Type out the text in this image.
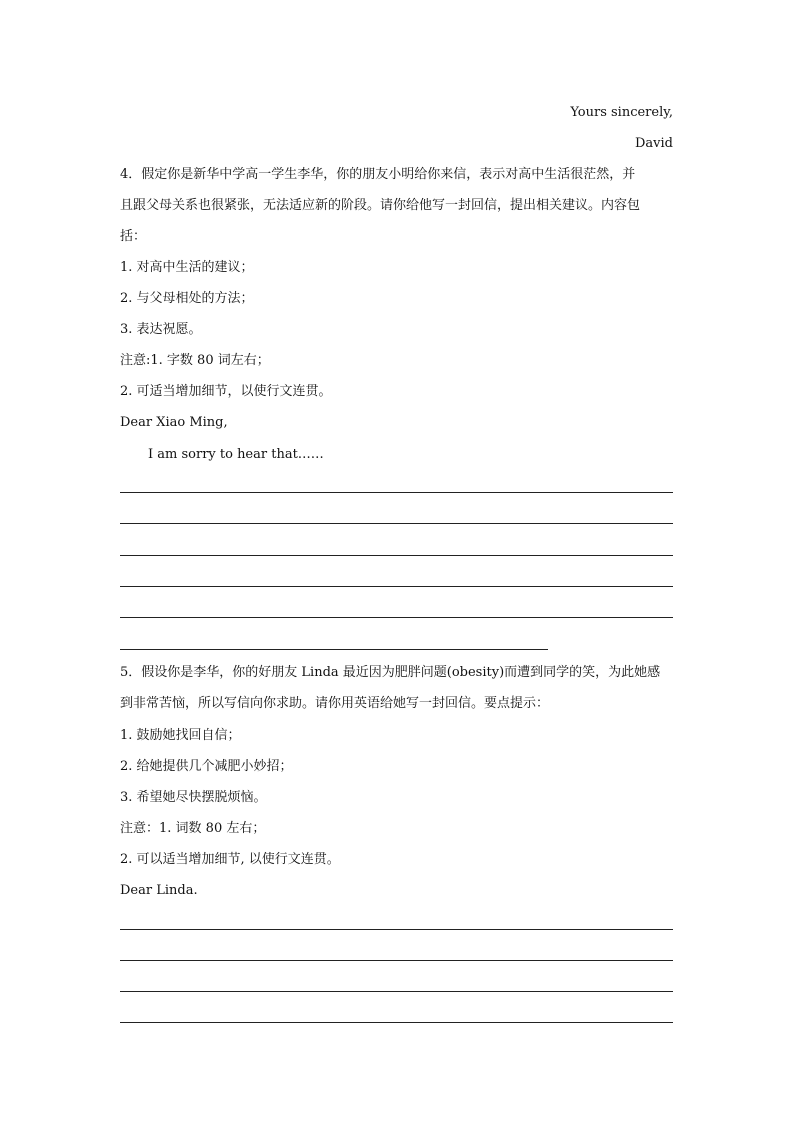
Yours sincerely,
David
4．假定你是新华中学高一学生李华，你的朋友小明给你来信，表示对高中生活很茫然，并
且跟父母关系也很紧张，无法适应新的阶段。请你给他写一封回信，提出相关建议。内容包
括：
1. 对高中生活的建议；
2. 与父母相处的方法；
3. 表达祝愿。
注意:1. 字数 80 词左右；
2. 可适当增加细节，以使行文连贯。
Dear Xiao Ming,
I am sorry to hear that……
5．假设你是李华，你的好朋友 Linda 最近因为肥胖问题(obesity)而遭到同学的笑，为此她感
到非常苦恼，所以写信向你求助。请你用英语给她写一封回信。要点提示：
1. 鼓励她找回自信；
2. 给她提供几个减肥小妙招；
3. 希望她尽快摆脱烦恼。
注意：1. 词数 80 左右；
2. 可以适当增加细节, 以使行文连贯。
Dear Linda.
